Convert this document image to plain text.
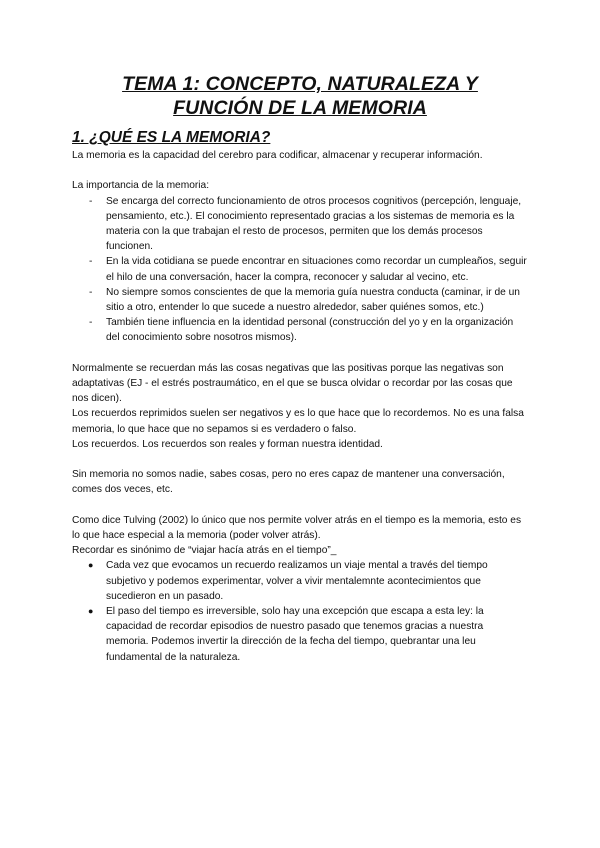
TEMA 1: CONCEPTO, NATURALEZA Y
FUNCIÓN DE LA MEMORIA
1. ¿QUÉ ES LA MEMORIA?

La memoria es la capacidad del cerebro para codificar, almacenar y recuperar información.

La importancia de la memoria:

-	Se encarga del correcto funcionamiento de otros procesos cognitivos (percepción, lenguaje, pensamiento, etc.). El conocimiento representado gracias a los sistemas de memoria es la materia con la que trabajan el resto de procesos, permiten que los demás procesos funcionen.
-	En la vida cotidiana se puede encontrar en situaciones como recordar un cumpleaños, seguir el hilo de una conversación, hacer la compra, reconocer y saludar al vecino, etc.
-	No siempre somos conscientes de que la memoria guía nuestra conducta (caminar, ir de un sitio a otro, entender lo que sucede a nuestro alrededor, saber quiénes somos, etc.)
-	También tiene influencia en la identidad personal (construcción del yo y en la organización del conocimiento sobre nosotros mismos).

Normalmente se recuerdan más las cosas negativas que las positivas porque las negativas son adaptativas (EJ - el estrés postraumático, en el que se busca olvidar o recordar por las cosas que nos dicen).

Los recuerdos reprimidos suelen ser negativos y es lo que hace que lo recordemos. No es una falsa memoria, lo que hace que no sepamos si es verdadero o falso.

Los recuerdos. Los recuerdos son reales y forman nuestra identidad.

Sin memoria no somos nadie, sabes cosas, pero no eres capaz de mantener una conversación, comes dos veces, etc.

Como dice Tulving (2002) lo único que nos permite volver atrás en el tiempo es la memoria, esto es lo que hace especial a la memoria (poder volver atrás).

Recordar es sinónimo de “viajar hacía atrás en el tiempo”_

●	Cada vez que evocamos un recuerdo realizamos un viaje mental a través del tiempo subjetivo y podemos experimentar, volver a vivir mentalemnte acontecimientos que sucedieron en un pasado.
●	El paso del tiempo es irreversible, solo hay una excepción que escapa a esta ley: la capacidad de recordar episodios de nuestro pasado que tenemos gracias a nuestra memoria. Podemos invertir la dirección de la fecha del tiempo, quebrantar una leu fundamental de la naturaleza.
